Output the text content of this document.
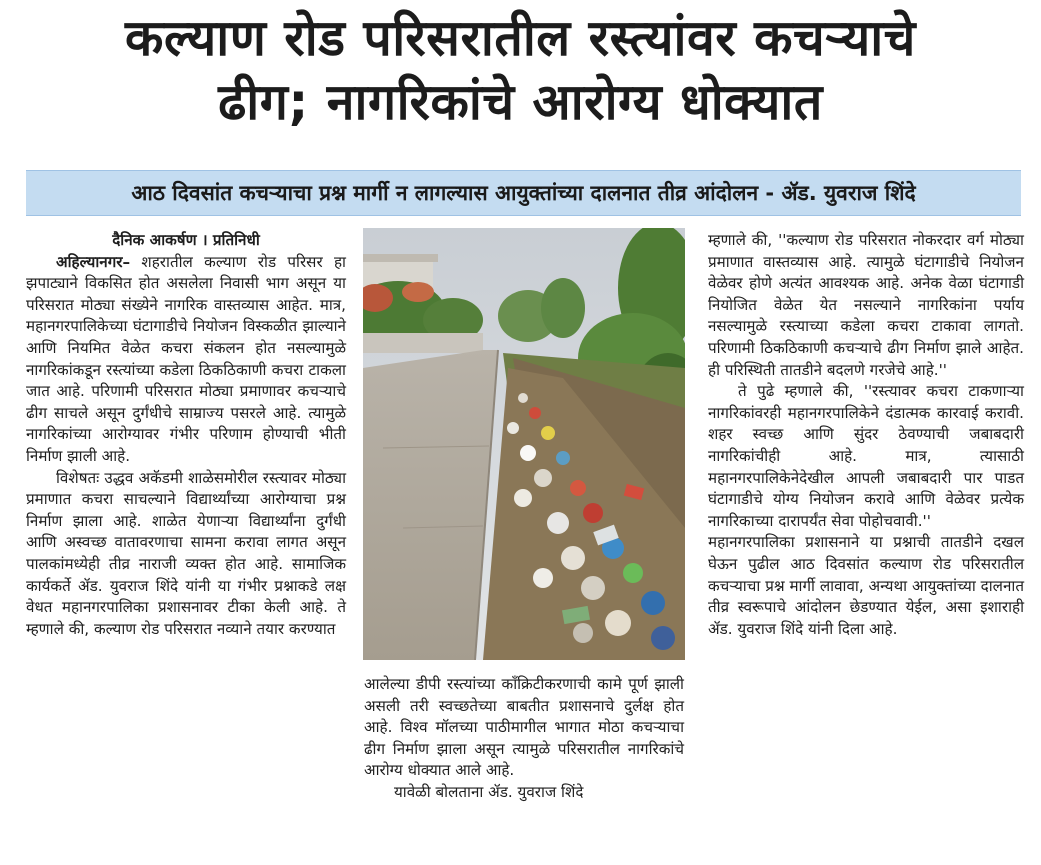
कल्याण रोड परिसरातील रस्त्यांवर कचऱ्याचे
ढीग; नागरिकांचे आरोग्य धोक्यात
आठ दिवसांत कचऱ्याचा प्रश्न मार्गी न लागल्यास आयुक्तांच्या दालनात तीव्र आंदोलन - ॲड. युवराज शिंदे

दैनिक आकर्षण । प्रतिनिधी

अहिल्यानगर– शहरातील कल्याण रोड परिसर हा झपाट्याने विकसित होत असलेला निवासी भाग असून या परिसरात मोठ्या संख्येने नागरिक वास्तव्यास आहेत. मात्र, महानगरपालिकेच्या घंटागाडीचे नियोजन विस्कळीत झाल्याने आणि नियमित वेळेत कचरा संकलन होत नसल्यामुळे नागरिकांकडून रस्त्यांच्या कडेला ठिकठिकाणी कचरा टाकला जात आहे. परिणामी परिसरात मोठ्या प्रमाणावर कचऱ्याचे ढीग साचले असून दुर्गंधीचे साम्राज्य पसरले आहे. त्यामुळे नागरिकांच्या आरोग्यावर गंभीर परिणाम होण्याची भीती निर्माण झाली आहे.

विशेषतः उद्धव अकॅडमी शाळेसमोरील रस्त्यावर मोठ्या प्रमाणात कचरा साचल्याने विद्यार्थ्यांच्या आरोग्याचा प्रश्न निर्माण झाला आहे. शाळेत येणाऱ्या विद्यार्थ्यांना दुर्गंधी आणि अस्वच्छ वातावरणाचा सामना करावा लागत असून पालकांमध्येही तीव्र नाराजी व्यक्त होत आहे. सामाजिक कार्यकर्ते ॲड. युवराज शिंदे यांनी या गंभीर प्रश्नाकडे लक्ष वेधत महानगरपालिका प्रशासनावर टीका केली आहे. ते म्हणाले की, कल्याण रोड परिसरात नव्याने तयार करण्यात

आलेल्या डीपी रस्त्यांच्या काँक्रिटीकरणाची कामे पूर्ण झाली असली तरी स्वच्छतेच्या बाबतीत प्रशासनाचे दुर्लक्ष होत आहे. विश्व मॉलच्या पाठीमागील भागात मोठा कचऱ्याचा ढीग निर्माण झाला असून त्यामुळे परिसरातील नागरिकांचे आरोग्य धोक्यात आले आहे.

यावेळी बोलताना ॲड. युवराज शिंदे

म्हणाले की, ''कल्याण रोड परिसरात नोकरदार वर्ग मोठ्या प्रमाणात वास्तव्यास आहे. त्यामुळे घंटागाडीचे नियोजन वेळेवर होणे अत्यंत आवश्यक आहे. अनेक वेळा घंटागाडी नियोजित वेळेत येत नसल्याने नागरिकांना पर्याय नसल्यामुळे रस्त्याच्या कडेला कचरा टाकावा लागतो. परिणामी ठिकठिकाणी कचऱ्याचे ढीग निर्माण झाले आहेत. ही परिस्थिती तातडीने बदलणे गरजेचे आहे.''

ते पुढे म्हणाले की, ''रस्त्यावर कचरा टाकणाऱ्या नागरिकांवरही महानगरपालिकेने दंडात्मक कारवाई करावी. शहर स्वच्छ आणि सुंदर ठेवण्याची जबाबदारी नागरिकांचीही आहे. मात्र, त्यासाठी महानगरपालिकेनेदेखील आपली जबाबदारी पार पाडत घंटागाडीचे योग्य नियोजन करावे आणि वेळेवर प्रत्येक नागरिकाच्या दारापर्यंत सेवा पोहोचवावी.''

महानगरपालिका प्रशासनाने या प्रश्नाची तातडीने दखल घेऊन पुढील आठ दिवसांत कल्याण रोड परिसरातील कचऱ्याचा प्रश्न मार्गी लावावा, अन्यथा आयुक्तांच्या दालनात तीव्र स्वरूपाचे आंदोलन छेडण्यात येईल, असा इशाराही ॲड. युवराज शिंदे यांनी दिला आहे.
